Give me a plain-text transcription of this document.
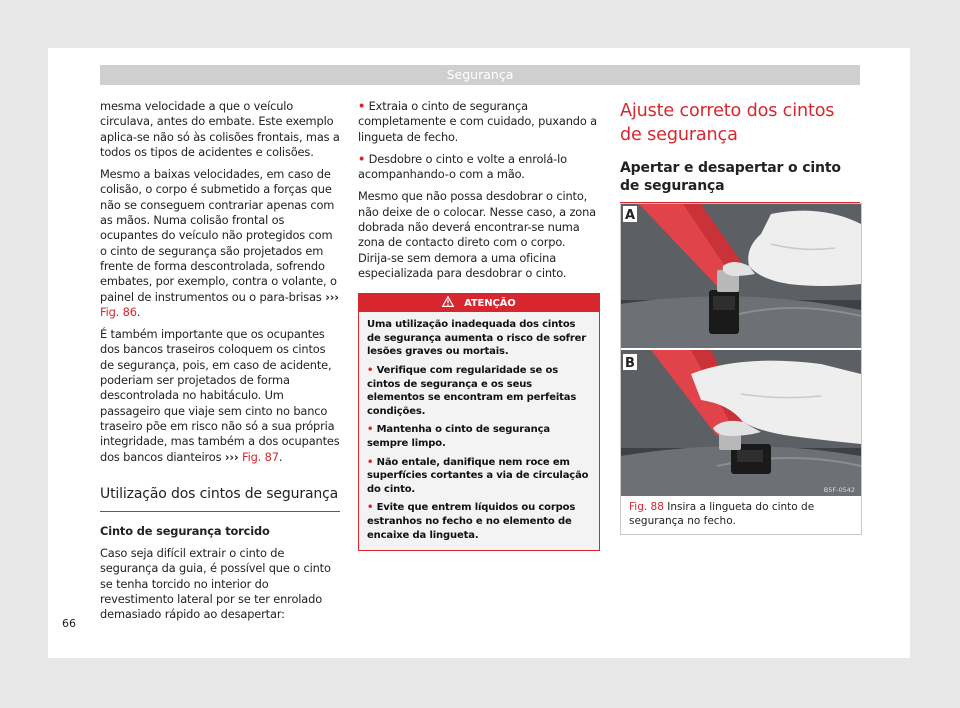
Segurança

mesma velocidade a que o veículo circulava, antes do embate. Este exemplo aplica-se não só às colisões frontais, mas a todos os tipos de acidentes e colisões.

Mesmo a baixas velocidades, em caso de colisão, o corpo é submetido a forças que não se conseguem contrariar apenas com as mãos. Numa colisão frontal os ocupantes do veículo não protegidos com o cinto de segurança são projetados em frente de forma descontrolada, sofrendo embates, por exemplo, contra o volante, o painel de instrumentos ou o para-brisas ››› Fig. 86.

É também importante que os ocupantes dos bancos traseiros coloquem os cintos de segurança, pois, em caso de acidente, poderiam ser projetados de forma descontrolada no habitáculo. Um passageiro que viaje sem cinto no banco traseiro põe em risco não só a sua própria integridade, mas também a dos ocupantes dos bancos dianteiros ››› Fig. 87.

Utilização dos cintos de segurança

Cinto de segurança torcido

Caso seja difícil extrair o cinto de segurança da guia, é possível que o cinto se tenha torcido no interior do revestimento lateral por se ter enrolado demasiado rápido ao desapertar:

• Extraia o cinto de segurança completamente e com cuidado, puxando a lingueta de fecho.

• Desdobre o cinto e volte a enrolá-lo acompanhando-o com a mão.

Mesmo que não possa desdobrar o cinto, não deixe de o colocar. Nesse caso, a zona dobrada não deverá encontrar-se numa zona de contacto direto com o corpo. Dirija-se sem demora a uma oficina especializada para desdobrar o cinto.

ATENÇÃO

Uma utilização inadequada dos cintos de segurança aumenta o risco de sofrer lesões graves ou mortais.

• Verifique com regularidade se os cintos de segurança e os seus elementos se encontram em perfeitas condições.

• Mantenha o cinto de segurança sempre limpo.

• Não entale, danifique nem roce em superfícies cortantes a via de circulação do cinto.

• Evite que entrem líquidos ou corpos estranhos no fecho e no elemento de encaixe da lingueta.

Ajuste correto dos cintos de segurança
Apertar e desapertar o cinto de segurança
A
B
B5F-0542
Fig. 88 Insira a lingueta do cinto de segurança no fecho.
66
